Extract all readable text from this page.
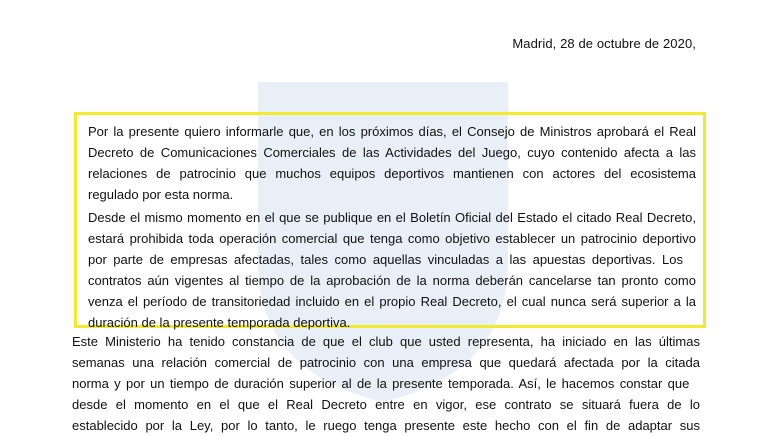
Madrid, 28 de octubre de 2020,
Por la presente quiero informarle que, en los próximos días, el Consejo de Ministros aprobará el Real
Decreto de Comunicaciones Comerciales de las Actividades del Juego, cuyo contenido afecta a las
relaciones de patrocinio que muchos equipos deportivos mantienen con actores del ecosistema
regulado por esta norma.
Desde el mismo momento en el que se publique en el Boletín Oficial del Estado el citado Real Decreto,
estará prohibida toda operación comercial que tenga como objetivo establecer un patrocinio deportivo
por parte de empresas afectadas, tales como aquellas vinculadas a las apuestas deportivas. Los
contratos aún vigentes al tiempo de la aprobación de la norma deberán cancelarse tan pronto como
venza el período de transitoriedad incluido en el propio Real Decreto, el cual nunca será superior a la
duración de la presente temporada deportiva.
Este Ministerio ha tenido constancia de que el club que usted representa, ha iniciado en las últimas
semanas una relación comercial de patrocinio con una empresa que quedará afectada por la citada
norma y por un tiempo de duración superior al de la presente temporada. Así, le hacemos constar que
desde el momento en el que el Real Decreto entre en vigor, ese contrato se situará fuera de lo
establecido por la Ley, por lo tanto, le ruego tenga presente este hecho con el fin de adaptar sus
